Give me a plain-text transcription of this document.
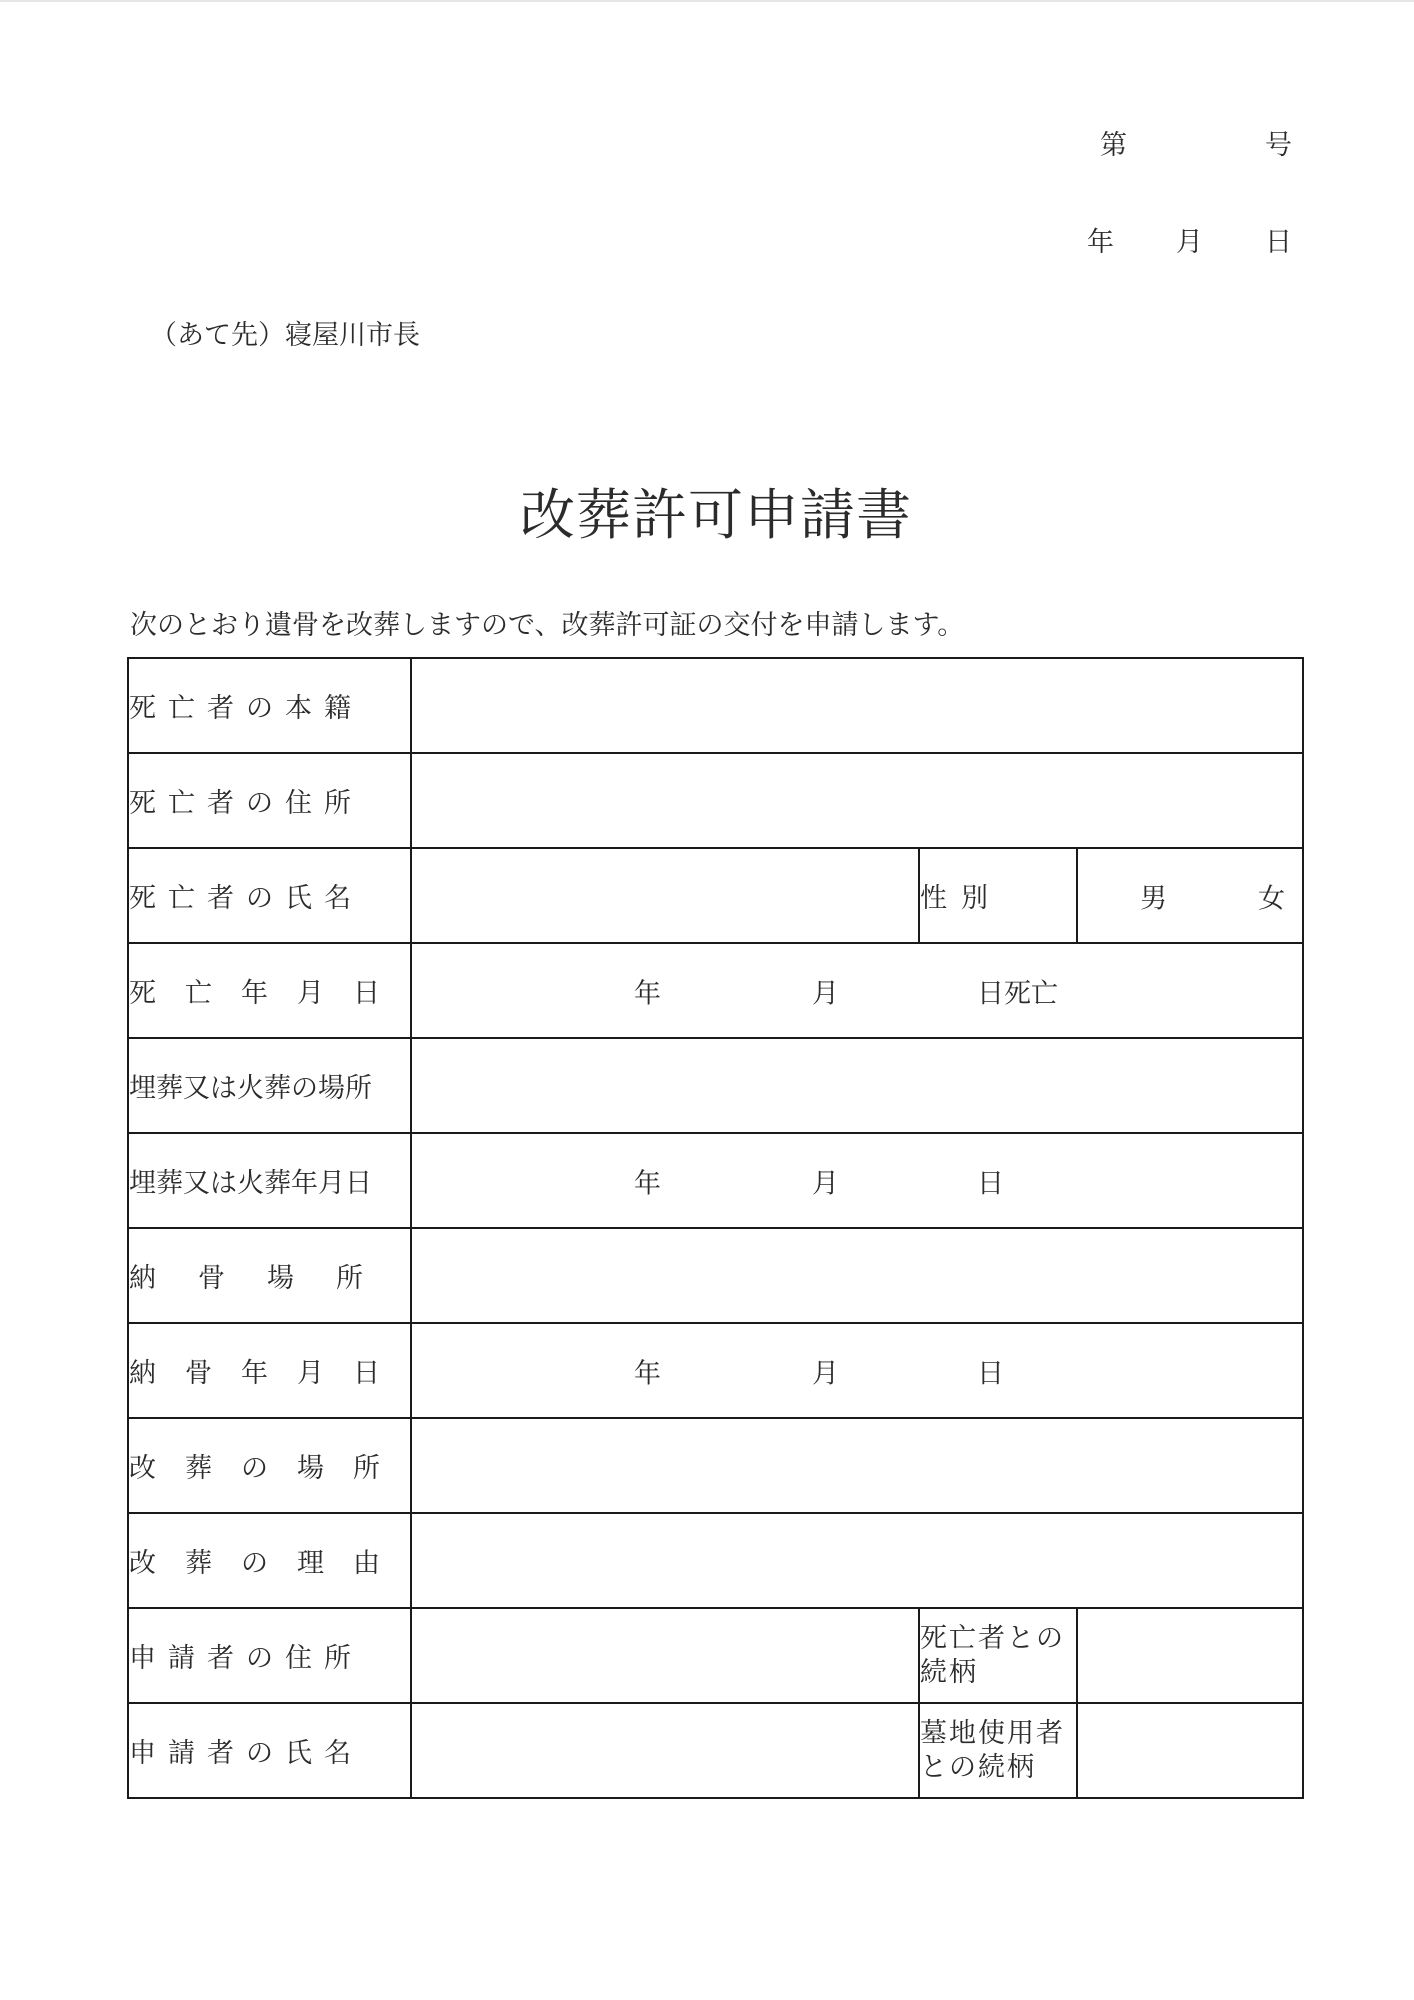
第	号
年 月 日
（あて先）寝屋川市長
改葬許可申請書
次のとおり遺骨を改葬しますので、改葬許可証の交付を申請します。
死亡者の本籍			
死亡者の住所			
死亡者の氏名		性別	男 女

死亡年月日	年 月 日死亡		

埋葬又は火葬の場所			
埋葬又は火葬年月日	年 月 日		

納骨場所			
納骨年月日	年 月 日		

改葬の場所			
改葬の理由			
申請者の住所		死亡者との続柄	
申請者の氏名		墓地使用者との続柄	
